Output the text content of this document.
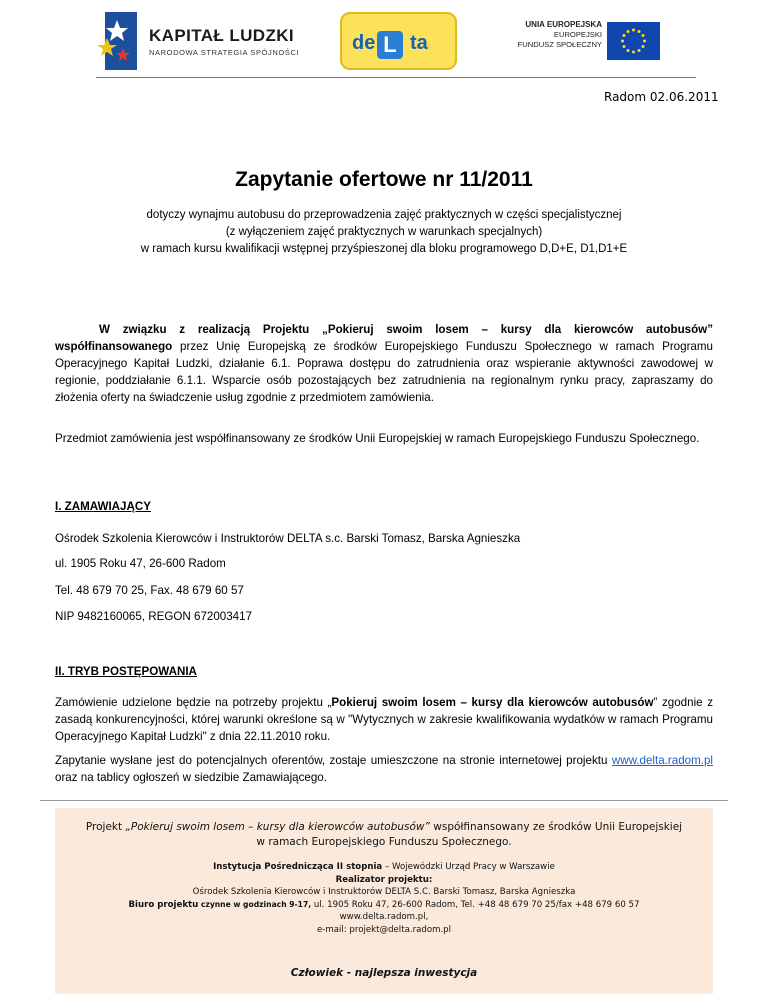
KAPITAŁ LUDZKI
NARODOWA STRATEGIA SPÓJNOŚCI	de L ta
UNIA EUROPEJSKA
EUROPEJSKI
FUNDUSZ SPOŁECZNY
Radom 02.06.2011
Zapytanie ofertowe nr 11/2011
dotyczy wynajmu autobusu do przeprowadzenia zajęć praktycznych w części specjalistycznej
(z wyłączeniem zajęć praktycznych w warunkach specjalnych)
w ramach kursu kwalifikacji wstępnej przyśpieszonej dla bloku programowego D,D+E, D1,D1+E

W związku z realizacją Projektu „Pokieruj swoim losem – kursy dla kierowców autobusów” współfinansowanego przez Unię Europejską ze środków Europejskiego Funduszu Społecznego w ramach Programu Operacyjnego Kapitał Ludzki, działanie 6.1. Poprawa dostępu do zatrudnienia oraz wspieranie aktywności zawodowej w regionie, poddziałanie 6.1.1. Wsparcie osób pozostających bez zatrudnienia na regionalnym rynku pracy, zapraszamy do złożenia oferty na świadczenie usług zgodnie z przedmiotem zamówienia.

Przedmiot zamówienia jest współfinansowany ze środków Unii Europejskiej w ramach Europejskiego Funduszu Społecznego.

I. ZAMAWIAJĄCY
Ośrodek Szkolenia Kierowców i Instruktorów DELTA s.c. Barski Tomasz, Barska Agnieszka
ul. 1905 Roku 47, 26-600 Radom
Tel. 48 679 70 25, Fax. 48 679 60 57
NIP 9482160065, REGON 672003417
II. TRYB POSTĘPOWANIA

Zamówienie udzielone będzie na potrzeby projektu „Pokieruj swoim losem – kursy dla kierowców autobusów” zgodnie z zasadą konkurencyjności, której warunki określone są w "Wytycznych w zakresie kwalifikowania wydatków w ramach Programu Operacyjnego Kapitał Ludzki" z dnia 22.11.2010 roku.

Zapytanie wysłane jest do potencjalnych oferentów, zostaje umieszczone na stronie internetowej projektu www.delta.radom.pl oraz na tablicy ogłoszeń w siedzibie Zamawiającego.

Projekt „Pokieruj swoim losem – kursy dla kierowców autobusów” współfinansowany ze środków Unii Europejskiej
w ramach Europejskiego Funduszu Społecznego.
Instytucja Pośrednicząca II stopnia – Wojewódzki Urząd Pracy w Warszawie
Realizator projektu:
Ośrodek Szkolenia Kierowców i Instruktorów DELTA S.C. Barski Tomasz, Barska Agnieszka
Biuro projektu czynne w godzinach 9-17, ul. 1905 Roku 47, 26-600 Radom, Tel. +48 48 679 70 25/fax +48 679 60 57
www.delta.radom.pl,
e-mail: projekt@delta.radom.pl
Człowiek - najlepsza inwestycja
